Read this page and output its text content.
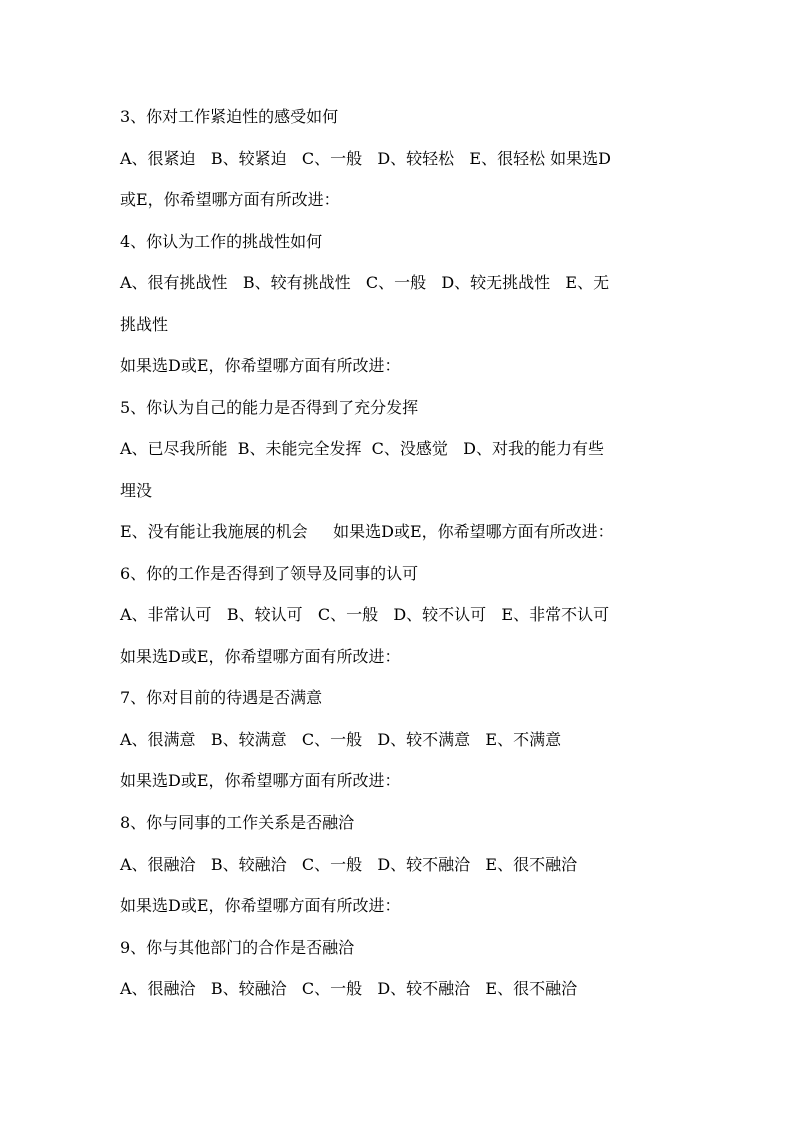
3、你对工作紧迫性的感受如何
A、很紧迫   B、较紧迫   C、一般   D、较轻松   E、很轻松 如果选D
或E，你希望哪方面有所改进：
4、你认为工作的挑战性如何
A、很有挑战性   B、较有挑战性   C、一般   D、较无挑战性   E、无
挑战性
如果选D或E，你希望哪方面有所改进：
5、你认为自己的能力是否得到了充分发挥
A、已尽我所能  B、未能完全发挥  C、没感觉   D、对我的能力有些
埋没
E、没有能让我施展的机会     如果选D或E，你希望哪方面有所改进：
6、你的工作是否得到了领导及同事的认可
A、非常认可   B、较认可   C、一般   D、较不认可   E、非常不认可
如果选D或E，你希望哪方面有所改进：
7、你对目前的待遇是否满意
A、很满意   B、较满意   C、一般   D、较不满意   E、不满意
如果选D或E，你希望哪方面有所改进：
8、你与同事的工作关系是否融洽
A、很融洽   B、较融洽   C、一般   D、较不融洽   E、很不融洽
如果选D或E，你希望哪方面有所改进：
9、你与其他部门的合作是否融洽
A、很融洽   B、较融洽   C、一般   D、较不融洽   E、很不融洽
